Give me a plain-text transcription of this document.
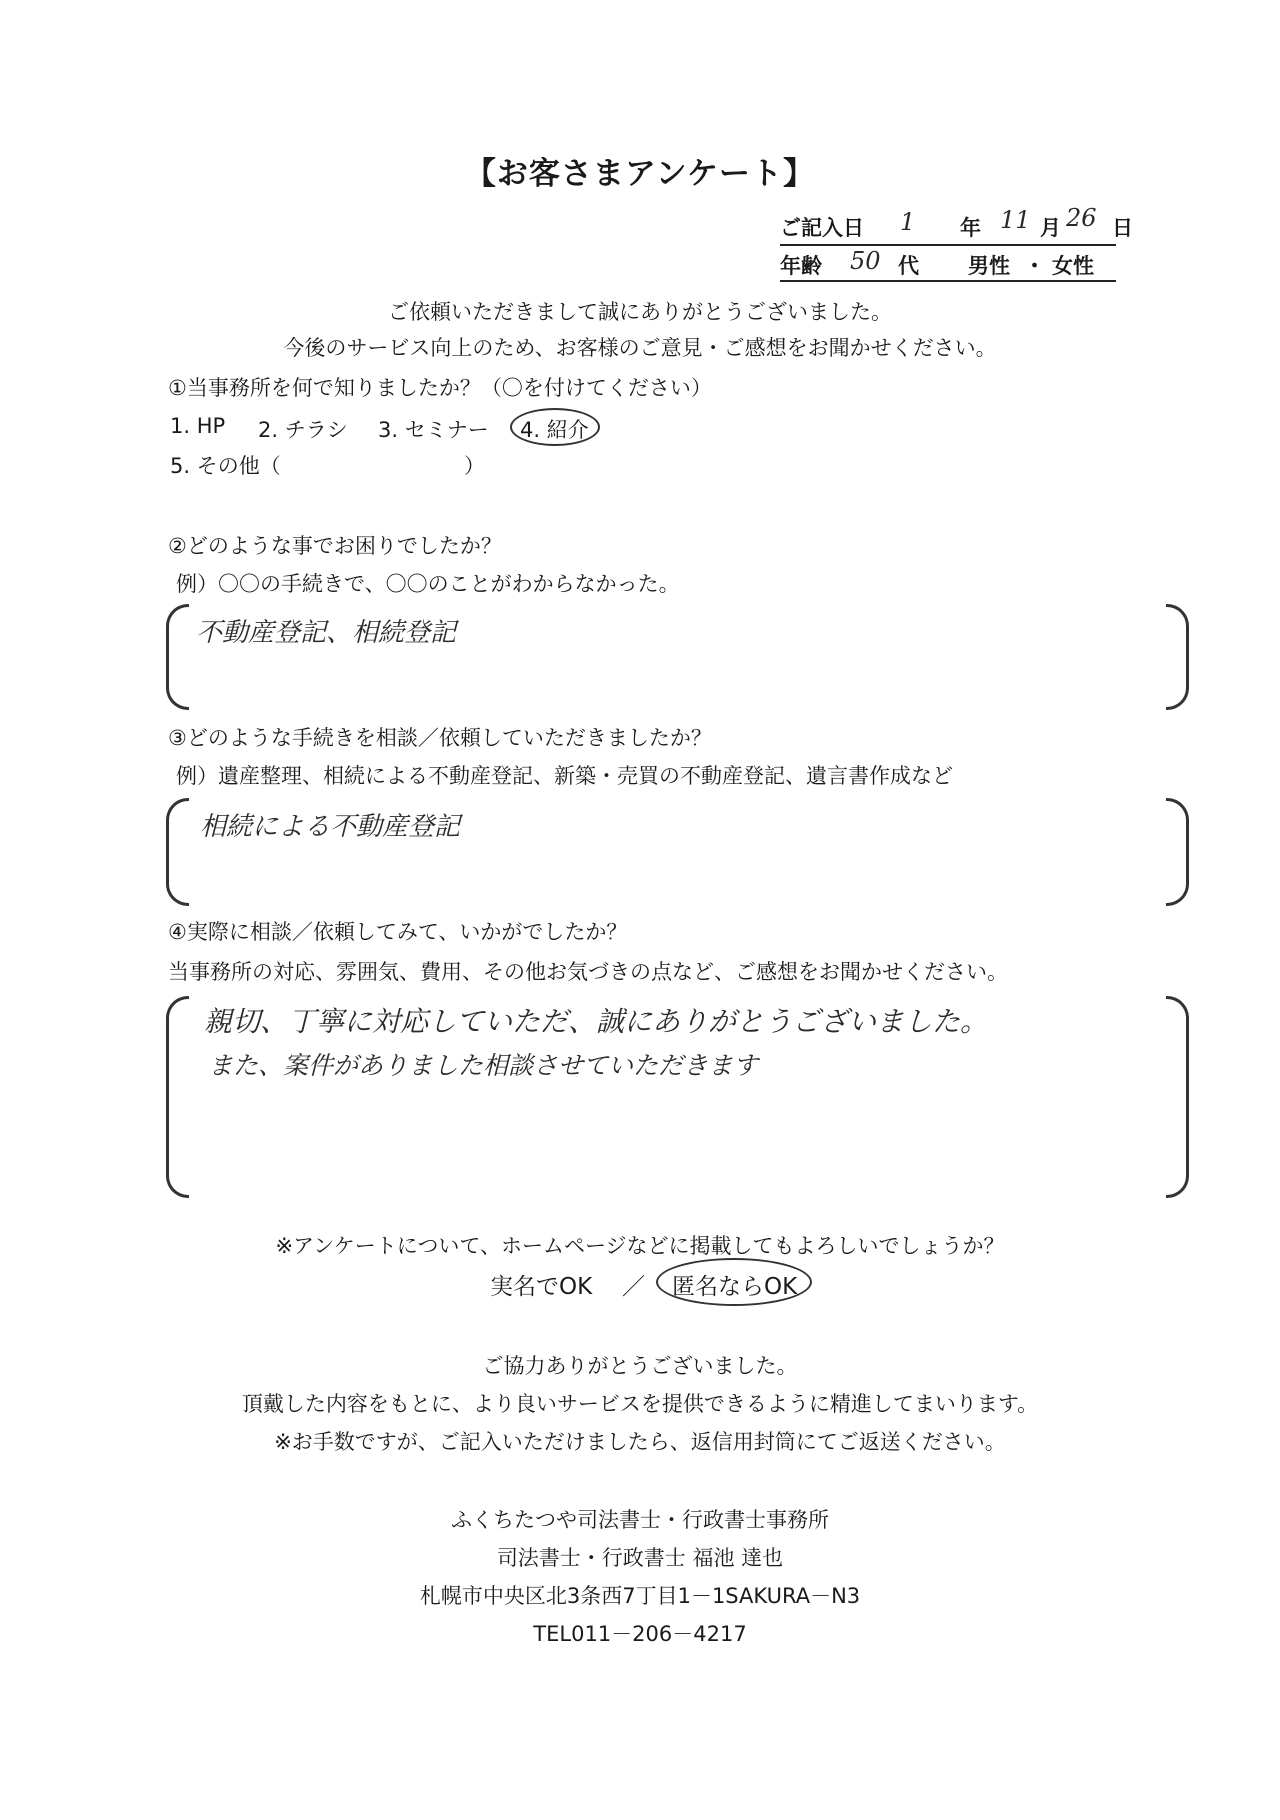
【お客さまアンケート】
ご記入日 1 年 11 月 26 日
年齢 50 代 男性 ・ 女性
ご依頼いただきまして誠にありがとうございました。
今後のサービス向上のため、お客様のご意見・ご感想をお聞かせください。
①当事務所を何で知りましたか？（〇を付けてください）
1. HP 2. チラシ 3. セミナー 4. 紹介
5. その他（	）
②どのような事でお困りでしたか？
例）〇〇の手続きで、〇〇のことがわからなかった。
不動産登記、相続登記
③どのような手続きを相談／依頼していただきましたか？
例）遺産整理、相続による不動産登記、新築・売買の不動産登記、遺言書作成など
相続による不動産登記
④実際に相談／依頼してみて、いかがでしたか？
当事務所の対応、雰囲気、費用、その他お気づきの点など、ご感想をお聞かせください。
親切、丁寧に対応していただ、誠にありがとうございました。
また、案件がありました相談させていただきます
※アンケートについて、ホームページなどに掲載してもよろしいでしょうか？
実名でOK ／ 匿名ならOK
ご協力ありがとうございました。
頂戴した内容をもとに、より良いサービスを提供できるように精進してまいります。
※お手数ですが、ご記入いただけましたら、返信用封筒にてご返送ください。
ふくちたつや司法書士・行政書士事務所
司法書士・行政書士 福池 達也
札幌市中央区北3条西7丁目1－1SAKURA－N3
TEL011－206－4217
